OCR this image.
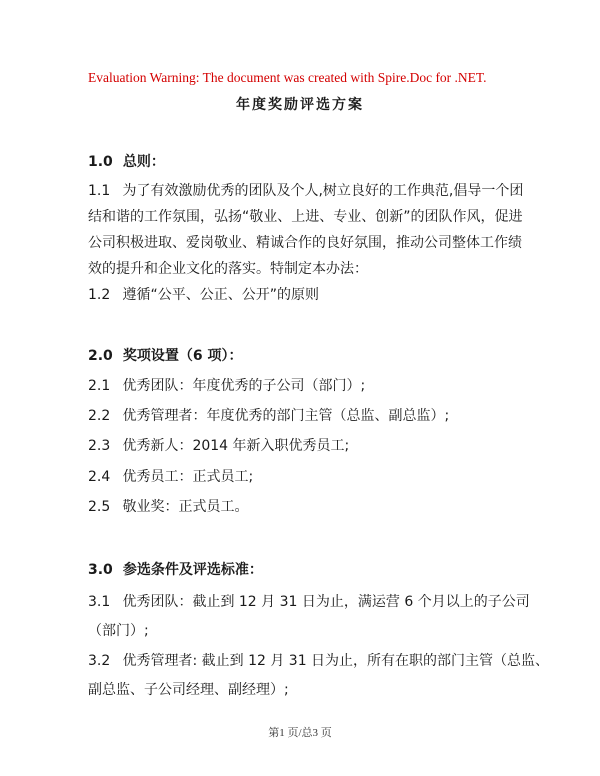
Evaluation Warning: The document was created with Spire.Doc for .NET.
年度奖励评选方案
1.0 总则：
1.1 为了有效激励优秀的团队及个人,树立良好的工作典范,倡导一个团
结和谐的工作氛围，弘扬“敬业、上进、专业、创新”的团队作风，促进
公司积极进取、爱岗敬业、精诚合作的良好氛围，推动公司整体工作绩
效的提升和企业文化的落实。特制定本办法：
1.2 遵循“公平、公正、公开”的原则
2.0 奖项设置（6 项）：
2.1 优秀团队：年度优秀的子公司（部门）;
2.2 优秀管理者：年度优秀的部门主管（总监、副总监）;
2.3 优秀新人：2014 年新入职优秀员工;
2.4 优秀员工：正式员工;
2.5 敬业奖：正式员工。
3.0 参选条件及评选标准：
3.1 优秀团队：截止到 12 月 31 日为止，满运营 6 个月以上的子公司
（部门）;
3.2 优秀管理者: 截止到 12 月 31 日为止，所有在职的部门主管（总监、
副总监、子公司经理、副经理）;
第1 页/总3 页
